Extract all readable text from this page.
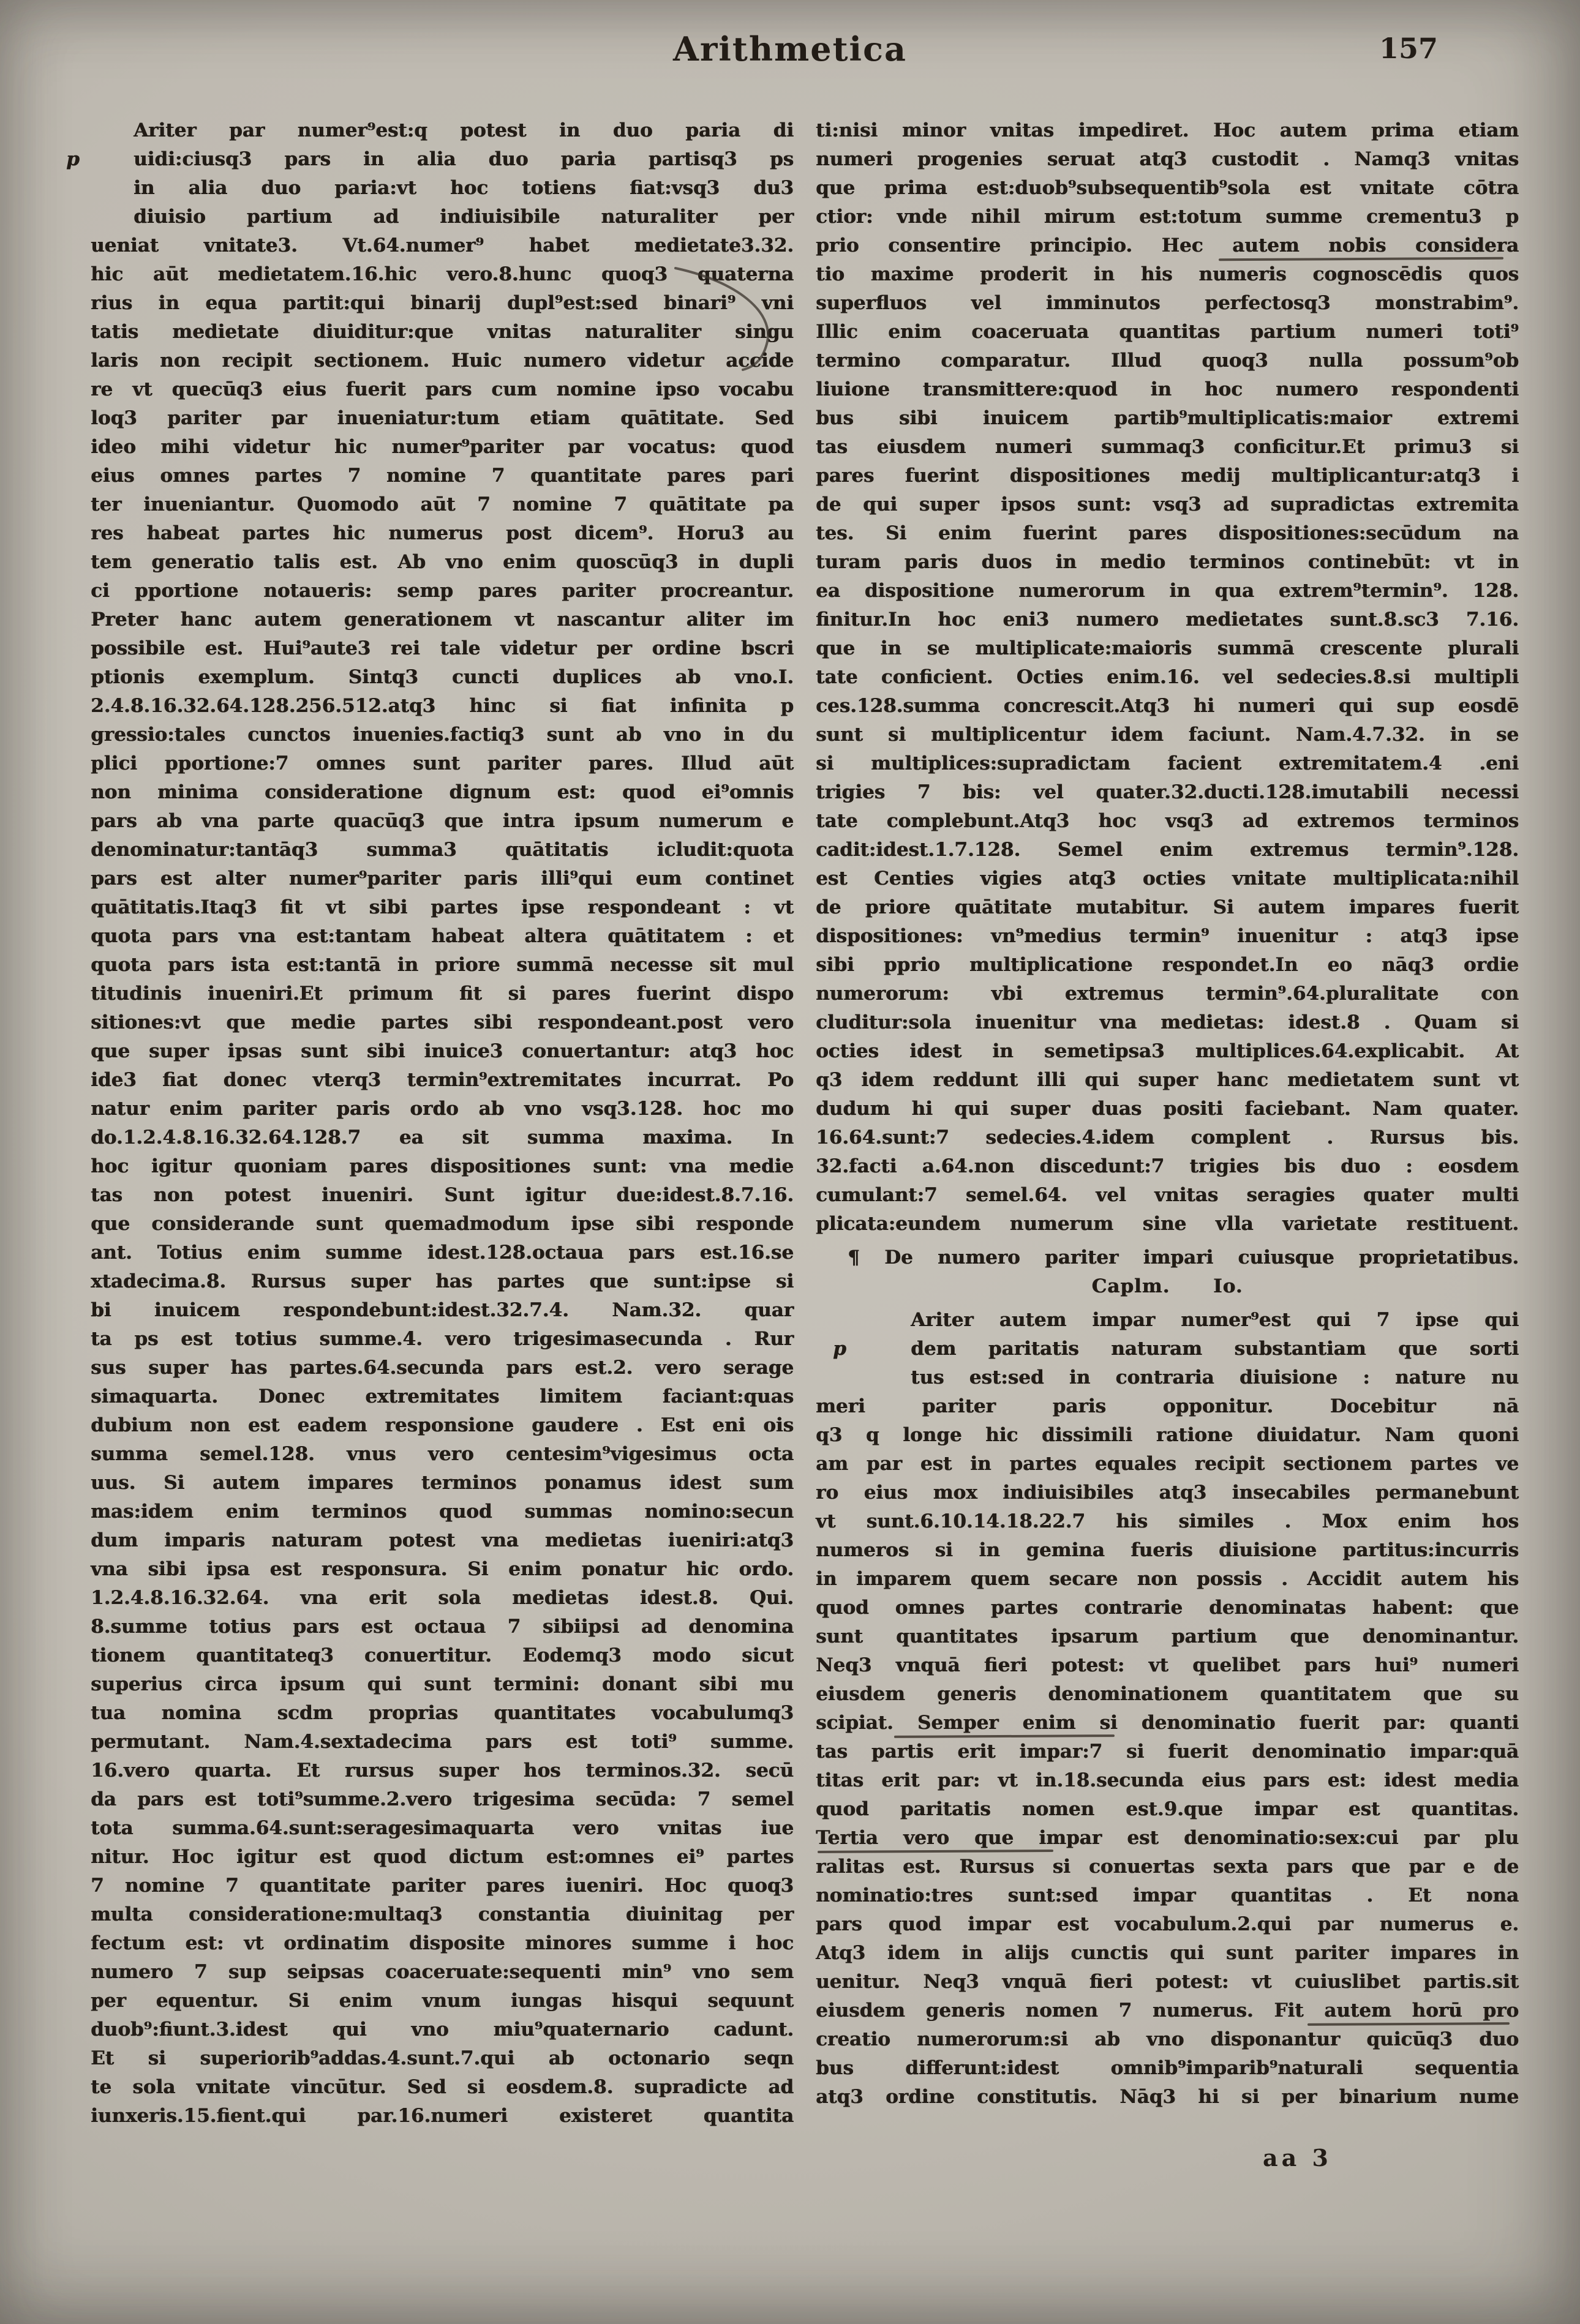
Arithmetica	157
p
Ariter par numer⁹est:q potest in duo paria di
uidi:ciusq3 pars in alia duo paria partisq3 ps
in alia duo paria:vt hoc totiens fiat:vsq3 du3
diuisio partium ad indiuisibile naturaliter per
ueniat vnitate3. Vt.64.numer⁹ habet medietate3.32.
hic aūt medietatem.16.hic vero.8.hunc quoq3 quaterna
rius in equa partit:qui binarij dupl⁹est:sed binari⁹ vni
tatis medietate diuiditur:que vnitas naturaliter singu
laris non recipit sectionem. Huic numero videtur accide
re vt quecūq3 eius fuerit pars cum nomine ipso vocabu
loq3 pariter par inueniatur:tum etiam quātitate. Sed
ideo mihi videtur hic numer⁹pariter par vocatus: quod
eius omnes partes 7 nomine 7 quantitate pares pari
ter inueniantur. Quomodo aūt 7 nomine 7 quātitate pa
res habeat partes hic numerus post dicem⁹. Horu3 au
tem generatio talis est. Ab vno enim quoscūq3 in dupli
ci pportione notaueris: semp pares pariter procreantur.
Preter hanc autem generationem vt nascantur aliter im
possibile est. Hui⁹aute3 rei tale videtur per ordine bscri
ptionis exemplum. Sintq3 cuncti duplices ab vno.I.
2.4.8.16.32.64.128.256.512.atq3 hinc si fiat infinita p
gressio:tales cunctos inuenies.factiq3 sunt ab vno in du
plici pportione:7 omnes sunt pariter pares. Illud aūt
non minima consideratione dignum est: quod ei⁹omnis
pars ab vna parte quacūq3 que intra ipsum numerum e
denominatur:tantāq3 summa3 quātitatis icludit:quota
pars est alter numer⁹pariter paris illi⁹qui eum continet
quātitatis.Itaq3 fit vt sibi partes ipse respondeant : vt
quota pars vna est:tantam habeat altera quātitatem : et
quota pars ista est:tantā in priore summā necesse sit mul
titudinis inueniri.Et primum fit si pares fuerint dispo
sitiones:vt que medie partes sibi respondeant.post vero
que super ipsas sunt sibi inuice3 conuertantur: atq3 hoc
ide3 fiat donec vterq3 termin⁹extremitates incurrat. Po
natur enim pariter paris ordo ab vno vsq3.128. hoc mo
do.1.2.4.8.16.32.64.128.7 ea sit summa maxima. In
hoc igitur quoniam pares dispositiones sunt: vna medie
tas non potest inueniri. Sunt igitur due:idest.8.7.16.
que considerande sunt quemadmodum ipse sibi responde
ant. Totius enim summe idest.128.octaua pars est.16.se
xtadecima.8. Rursus super has partes que sunt:ipse si
bi inuicem respondebunt:idest.32.7.4. Nam.32. quar
ta ps est totius summe.4. vero trigesimasecunda . Rur
sus super has partes.64.secunda pars est.2. vero serage
simaquarta. Donec extremitates limitem faciant:quas
dubium non est eadem responsione gaudere . Est eni ois
summa semel.128. vnus vero centesim⁹vigesimus octa
uus. Si autem impares terminos ponamus idest sum
mas:idem enim terminos quod summas nomino:secun
dum imparis naturam potest vna medietas iueniri:atq3
vna sibi ipsa est responsura. Si enim ponatur hic ordo.
1.2.4.8.16.32.64. vna erit sola medietas idest.8. Qui.
8.summe totius pars est octaua 7 sibiipsi ad denomina
tionem quantitateq3 conuertitur. Eodemq3 modo sicut
superius circa ipsum qui sunt termini: donant sibi mu
tua nomina scdm proprias quantitates vocabulumq3
permutant. Nam.4.sextadecima pars est toti⁹ summe.
16.vero quarta. Et rursus super hos terminos.32. secū
da pars est toti⁹summe.2.vero trigesima secūda: 7 semel
tota summa.64.sunt:seragesimaquarta vero vnitas iue
nitur. Hoc igitur est quod dictum est:omnes ei⁹ partes
7 nomine 7 quantitate pariter pares iueniri. Hoc quoq3
multa consideratione:multaq3 constantia diuinitag per
fectum est: vt ordinatim disposite minores summe i hoc
numero 7 sup seipsas coaceruate:sequenti min⁹ vno sem
per equentur. Si enim vnum iungas hisqui sequunt
duob⁹:fiunt.3.idest qui vno miu⁹quaternario cadunt.
Et si superiorib⁹addas.4.sunt.7.qui ab octonario seqn
te sola vnitate vincūtur. Sed si eosdem.8. supradicte ad
iunxeris.15.fient.qui par.16.numeri existeret quantita
ti:nisi minor vnitas impediret. Hoc autem prima etiam
numeri progenies seruat atq3 custodit . Namq3 vnitas
que prima est:duob⁹subsequentib⁹sola est vnitate cōtra
ctior: vnde nihil mirum est:totum summe crementu3 p
prio consentire principio. Hec autem nobis considera
tio maxime proderit in his numeris cognoscēdis quos
superfluos vel imminutos perfectosq3 monstrabim⁹.
Illic enim coaceruata quantitas partium numeri toti⁹
termino comparatur. Illud quoq3 nulla possum⁹ob
liuione transmittere:quod in hoc numero respondenti
bus sibi inuicem partib⁹multiplicatis:maior extremi
tas eiusdem numeri summaq3 conficitur.Et primu3 si
pares fuerint dispositiones medij multiplicantur:atq3 i
de qui super ipsos sunt: vsq3 ad supradictas extremita
tes. Si enim fuerint pares dispositiones:secūdum na
turam paris duos in medio terminos continebūt: vt in
ea dispositione numerorum in qua extrem⁹termin⁹. 128.
finitur.In hoc eni3 numero medietates sunt.8.sc3 7.16.
que in se multiplicate:maioris summā crescente plurali
tate conficient. Octies enim.16. vel sedecies.8.si multipli
ces.128.summa concrescit.Atq3 hi numeri qui sup eosdē
sunt si multiplicentur idem faciunt. Nam.4.7.32. in se
si multiplices:supradictam facient extremitatem.4 .eni
trigies 7 bis: vel quater.32.ducti.128.imutabili necessi
tate complebunt.Atq3 hoc vsq3 ad extremos terminos
cadit:idest.1.7.128. Semel enim extremus termin⁹.128.
est Centies vigies atq3 octies vnitate multiplicata:nihil
de priore quātitate mutabitur. Si autem impares fuerit
dispositiones: vn⁹medius termin⁹ inuenitur : atq3 ipse
sibi pprio multiplicatione respondet.In eo nāq3 ordie
numerorum: vbi extremus termin⁹.64.pluralitate con
cluditur:sola inuenitur vna medietas: idest.8 . Quam si
octies idest in semetipsa3 multiplices.64.explicabit. At
q3 idem reddunt illi qui super hanc medietatem sunt vt
dudum hi qui super duas positi faciebant. Nam quater.
16.64.sunt:7 sedecies.4.idem complent . Rursus bis.
32.facti a.64.non discedunt:7 trigies bis duo : eosdem
cumulant:7 semel.64. vel vnitas seragies quater multi
plicata:eundem numerum sine vlla varietate restituent.
¶ De numero pariter impari cuiusque proprietatibus.
Caplm.      Io.
p
Ariter autem impar numer⁹est qui 7 ipse qui
dem paritatis naturam substantiam que sorti
tus est:sed in contraria diuisione : nature nu
meri pariter paris opponitur. Docebitur nā
q3 q longe hic dissimili ratione diuidatur. Nam quoni
am par est in partes equales recipit sectionem partes ve
ro eius mox indiuisibiles atq3 insecabiles permanebunt
vt sunt.6.10.14.18.22.7 his similes . Mox enim hos
numeros si in gemina fueris diuisione partitus:incurris
in imparem quem secare non possis . Accidit autem his
quod omnes partes contrarie denominatas habent: que
sunt quantitates ipsarum partium que denominantur.
Neq3 vnquā fieri potest: vt quelibet pars hui⁹ numeri
eiusdem generis denominationem quantitatem que su
scipiat. Semper enim si denominatio fuerit par: quanti
tas partis erit impar:7 si fuerit denominatio impar:quā
titas erit par: vt in.18.secunda eius pars est: idest media
quod paritatis nomen est.9.que impar est quantitas.
Tertia vero que impar est denominatio:sex:cui par plu
ralitas est. Rursus si conuertas sexta pars que par e de
nominatio:tres sunt:sed impar quantitas . Et nona
pars quod impar est vocabulum.2.qui par numerus e.
Atq3 idem in alijs cunctis qui sunt pariter impares in
uenitur. Neq3 vnquā fieri potest: vt cuiuslibet partis.sit
eiusdem generis nomen 7 numerus. Fit autem horū pro
creatio numerorum:si ab vno disponantur quicūq3 duo
bus differunt:idest omnib⁹imparib⁹naturali sequentia
atq3 ordine constitutis. Nāq3 hi si per binarium nume
aa 3
